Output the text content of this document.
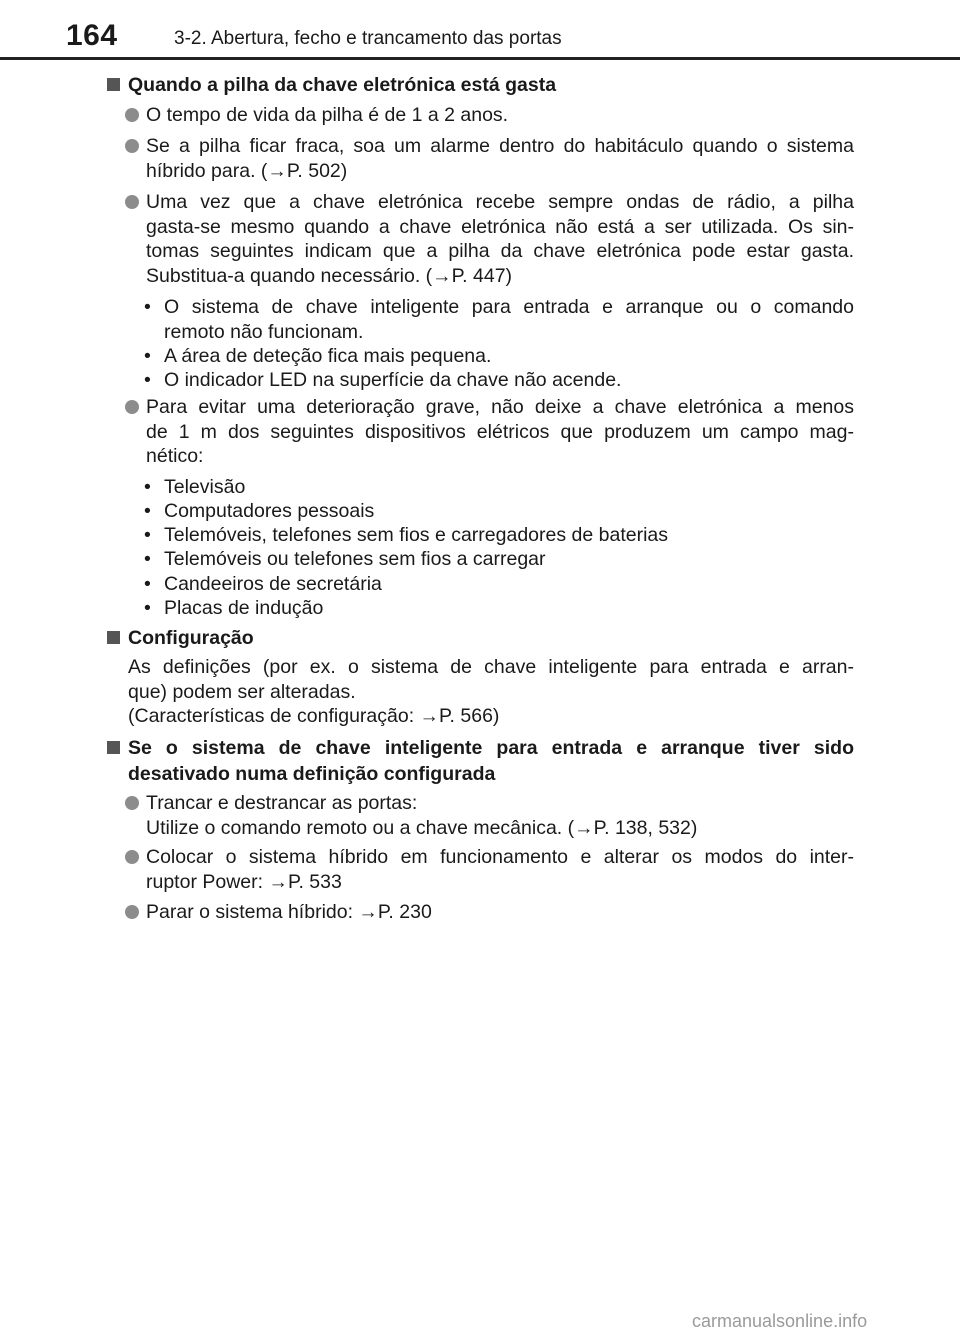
164	3-2. Abertura, fecho e trancamento das portas
Quando a pilha da chave eletrónica está gasta
O tempo de vida da pilha é de 1 a 2 anos.
Se a pilha ficar fraca, soa um alarme dentro do habitáculo quando o sistema
híbrido para. (→P. 502)
Uma vez que a chave eletrónica recebe sempre ondas de rádio, a pilha
gasta-se mesmo quando a chave eletrónica não está a ser utilizada. Os sin-
tomas seguintes indicam que a pilha da chave eletrónica pode estar gasta.
Substitua-a quando necessário. (→P. 447)
• O sistema de chave inteligente para entrada e arranque ou o comando
remoto não funcionam.
• A área de deteção fica mais pequena.
• O indicador LED na superfície da chave não acende.
Para evitar uma deterioração grave, não deixe a chave eletrónica a menos
de 1 m dos seguintes dispositivos elétricos que produzem um campo mag-
nético:
• Televisão
• Computadores pessoais
• Telemóveis, telefones sem fios e carregadores de baterias
• Telemóveis ou telefones sem fios a carregar
• Candeeiros de secretária
• Placas de indução
Configuração
As definições (por ex. o sistema de chave inteligente para entrada e arran-
que) podem ser alteradas.
(Características de configuração: →P. 566)
Se o sistema de chave inteligente para entrada e arranque tiver sido
desativado numa definição configurada
Trancar e destrancar as portas:
Utilize o comando remoto ou a chave mecânica. (→P. 138, 532)
Colocar o sistema híbrido em funcionamento e alterar os modos do inter-
ruptor Power: →P. 533
Parar o sistema híbrido: →P. 230
carmanualsonline.info
